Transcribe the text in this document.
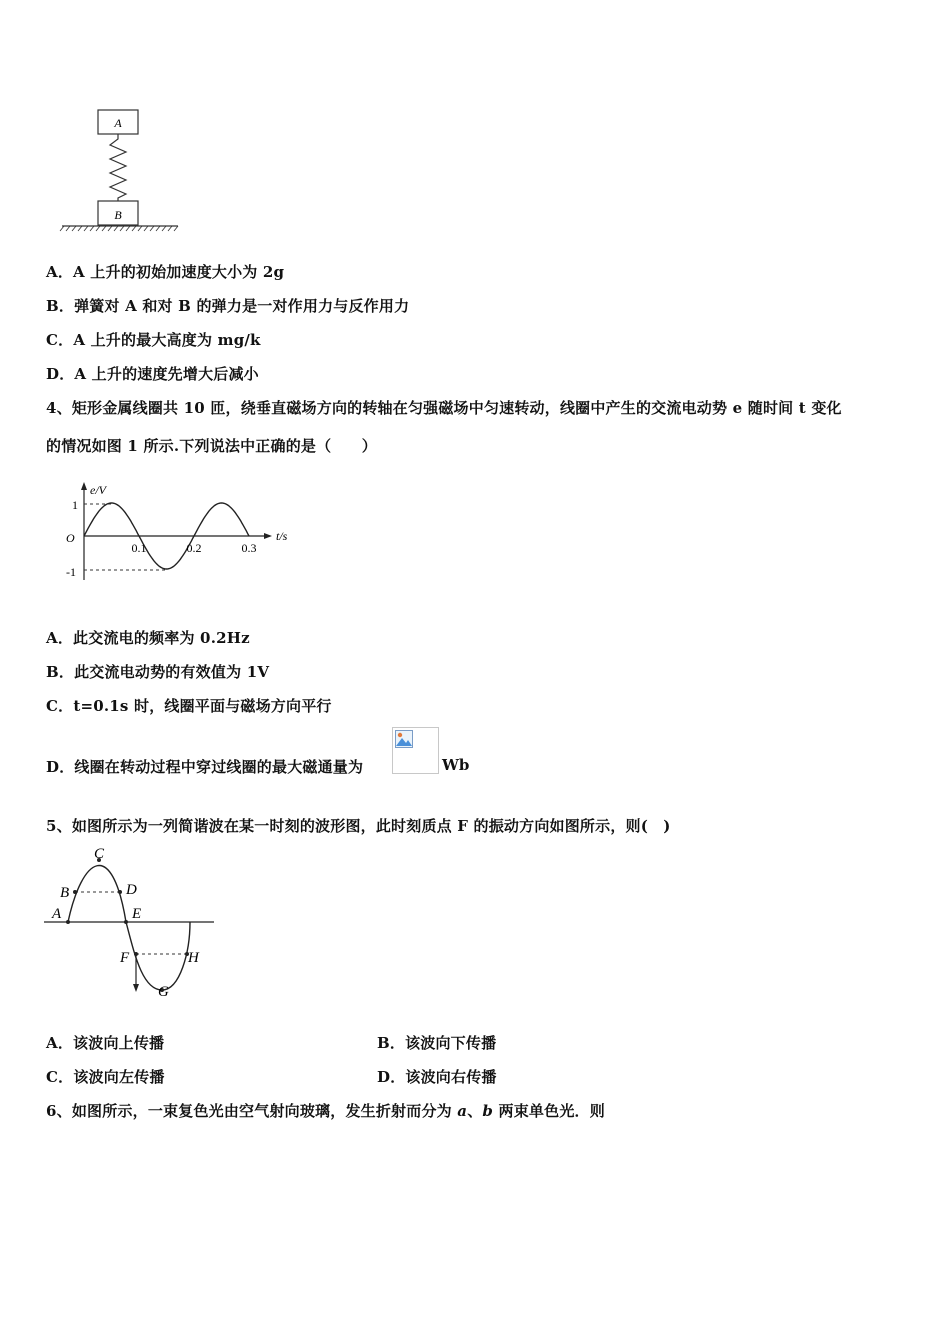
A
B
A．A 上升的初始加速度大小为 2g
B．弹簧对 A 和对 B 的弹力是一对作用力与反作用力
C．A 上升的最大高度为 mg/k
D．A 上升的速度先增大后减小
4、矩形金属线圈共 10 匝，绕垂直磁场方向的转轴在匀强磁场中匀速转动，线圈中产生的交流电动势 e 随时间 t 变化
的情况如图 1 所示.下列说法中正确的是（　　）
e/V
t/s
O
1
-1
0.1	0.2	0.3
A．此交流电的频率为 0.2Hz
B．此交流电动势的有效值为 1V
C．t=0.1s 时，线圈平面与磁场方向平行
D．线圈在转动过程中穿过线圈的最大磁通量为	Wb
5、如图所示为一列简谐波在某一时刻的波形图，此时刻质点 F 的振动方向如图所示，则(　)
A
B
C
D
E
F
G
H
A．该波向上传播	B．该波向下传播
C．该波向左传播	D．该波向右传播
6、如图所示，一束复色光由空气射向玻璃，发生折射而分为 a、b 两束单色光．则
